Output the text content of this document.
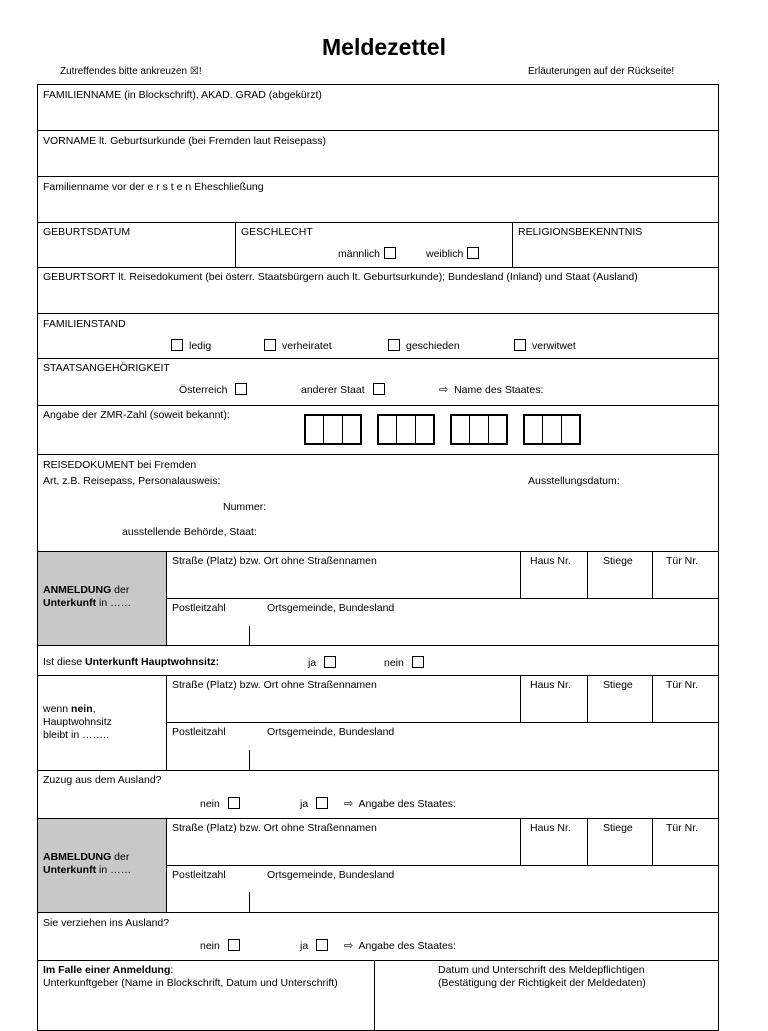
Meldezettel
Zutreffendes bitte ankreuzen ☒!	Erläuterungen auf der Rückseite!
FAMILIENNAME (in Blockschrift), AKAD. GRAD (abgekürzt)
VORNAME lt. Geburtsurkunde (bei Fremden laut Reisepass)
Familienname vor der e r s t e n Eheschließung
GEBURTSDATUM	GESCHLECHT
männlich	weiblich
RELIGIONSBEKENNTNIS
GEBURTSORT lt. Reisedokument (bei österr. Staatsbürgern auch lt. Geburtsurkunde); Bundesland (Inland) und Staat (Ausland)
FAMILIENSTAND
ledig	verheiratet	geschieden	verwitwet
STAATSANGEHÖRIGKEIT
Österreich	anderer Staat	⇨ Name des Staates:
Angabe der ZMR-Zahl (soweit bekannt):
REISEDOKUMENT bei Fremden
Art, z.B. Reisepass, Personalausweis:	Ausstellungsdatum:
Nummer:
ausstellende Behörde, Staat:
ANMELDUNG der
Unterkunft in ……
Straße (Platz) bzw. Ort ohne Straßennamen	Haus Nr.	Stiege	Tür Nr.
Postleitzahl	Ortsgemeinde, Bundesland
Ist diese Unterkunft Hauptwohnsitz:	ja	nein
wenn nein,
Hauptwohnsitz
bleibt in ……..
Straße (Platz) bzw. Ort ohne Straßennamen	Haus Nr.	Stiege	Tür Nr.
Postleitzahl	Ortsgemeinde, Bundesland
Zuzug aus dem Ausland?
nein	ja	⇨ Angabe des Staates:
ABMELDUNG der
Unterkunft in ……
Straße (Platz) bzw. Ort ohne Straßennamen	Haus Nr.	Stiege	Tür Nr.
Postleitzahl	Ortsgemeinde, Bundesland
Sie verziehen ins Ausland?
nein	ja	⇨ Angabe des Staates:
Im Falle einer Anmeldung:
Unterkunftgeber (Name in Blockschrift, Datum und Unterschrift)
Datum und Unterschrift des Meldepflichtigen
(Bestätigung der Richtigkeit der Meldedaten)
